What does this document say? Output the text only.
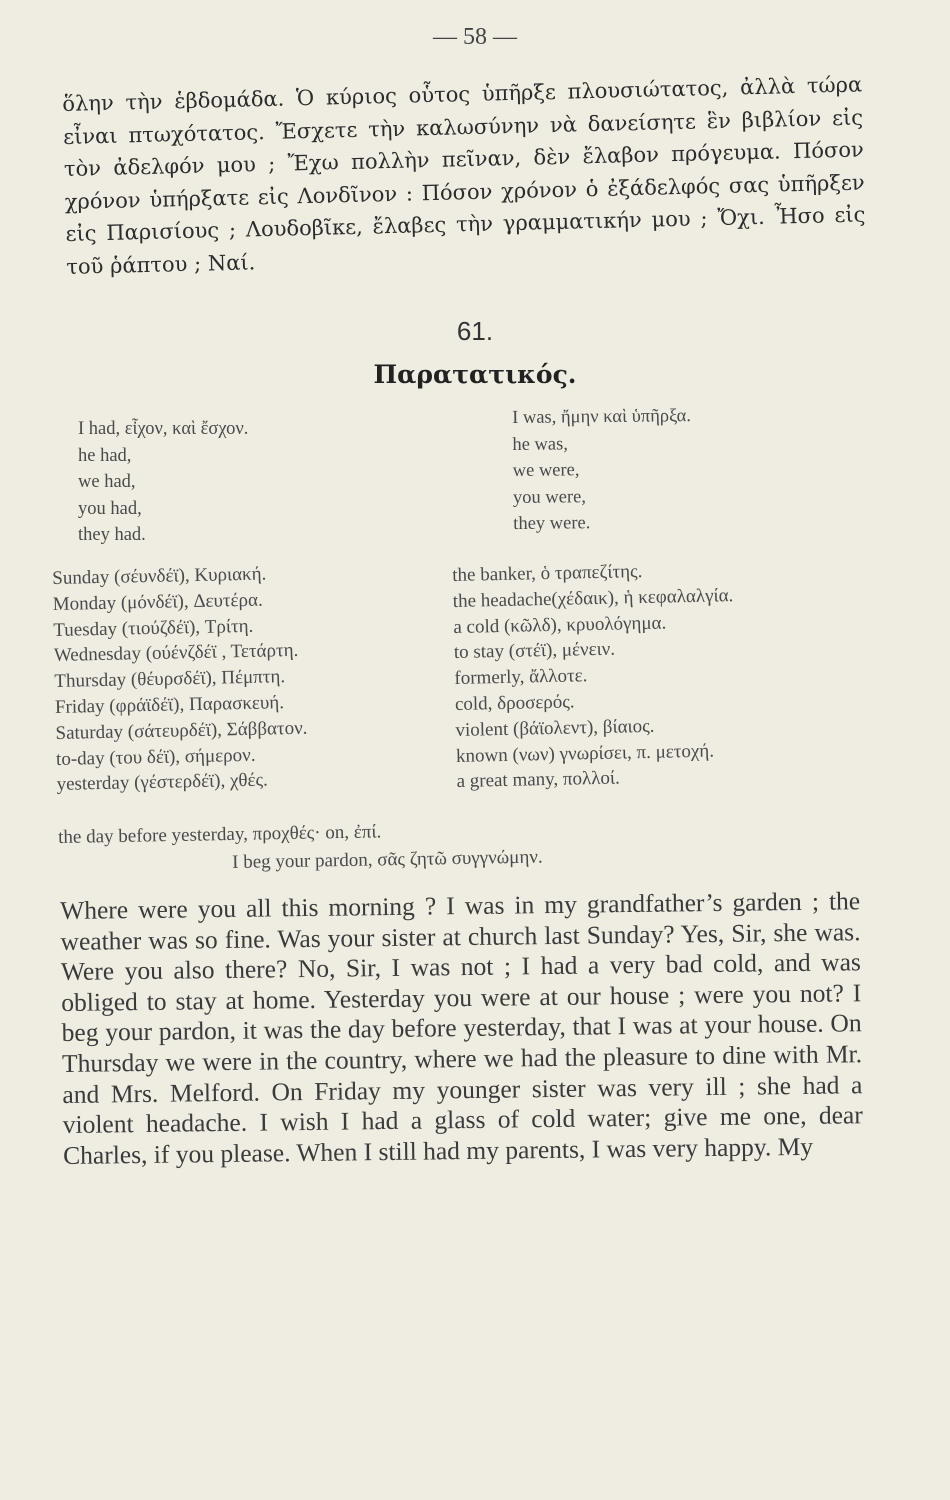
— 58 —
ὅλην τὴν ἑβδομάδα. Ὁ κύριος οὗτος ὑπῆρξε πλουσιώτατος, ἀλλὰ τώρα εἶναι πτωχότατος. Ἔσχετε τὴν καλωσύνην νὰ δανείσητε ἓν βιβλίον εἰς τὸν ἀδελφόν μου ; Ἔχω πολλὴν πεῖναν, δὲν ἔλαβον πρόγευμα. Πόσον χρόνον ὑπήρξατε εἰς Λονδῖνον : Πόσον χρόνον ὁ ἐξάδελφός σας ὑπῆρξεν εἰς Παρισίους ; Λουδοβῖκε, ἔλαβες τὴν γραμματικήν μου ; Ὄχι. Ἦσο εἰς τοῦ ῥάπτου ; Ναί.
61.
Παρατατικός.
I had, εἶχον, καὶ ἔσχον.
he had,
we had,
you had,
they had.
I was, ἤμην καὶ ὑπῆρξα.
he was,
we were,
you were,
they were.
Sunday (σέυνδέϊ), Κυριακή.
Monday (μόνδέϊ), Δευτέρα.
Tuesday (τιούζδέϊ), Τρίτη.
Wednesday (ούένζδέϊ , Τετάρτη.
Thursday (θέυρσδέϊ), Πέμπτη.
Friday (φράϊδέϊ), Παρασκευή.
Saturday (σάτευρδέϊ), Σάββατον.
to-day (του δέϊ), σήμερον.
yesterday (γέστερδέϊ), χθές.
the banker, ὁ τραπεζίτης.
the headache(χέδαικ), ἡ κεφαλαλγία.
a cold (κῶλδ), κρυολόγημα.
to stay (στέϊ), μένειν.
formerly, ἄλλοτε.
cold, δροσερός.
violent (βάϊολεντ), βίαιος.
known (νων) γνωρίσει, π. μετοχή.
a great many, πολλοί.
the day before yesterday, προχθές· on, ἐπί.
I beg your pardon, σᾶς ζητῶ συγγνώμην.
Where were you all this morning ? I was in my grandfather’s garden ; the weather was so fine. Was your sister at church last Sunday? Yes, Sir, she was. Were you also there? No, Sir, I was not ; I had a very bad cold, and was obliged to stay at home. Yesterday you were at our house ; were you not? I beg your pardon, it was the day before yesterday, that I was at your house. On Thursday we were in the country, where we had the pleasure to dine with Mr. and Mrs. Melford. On Friday my younger sister was very ill ; she had a violent headache. I wish I had a glass of cold water; give me one, dear Charles, if you please. When I still had my parents, I was very happy. My
